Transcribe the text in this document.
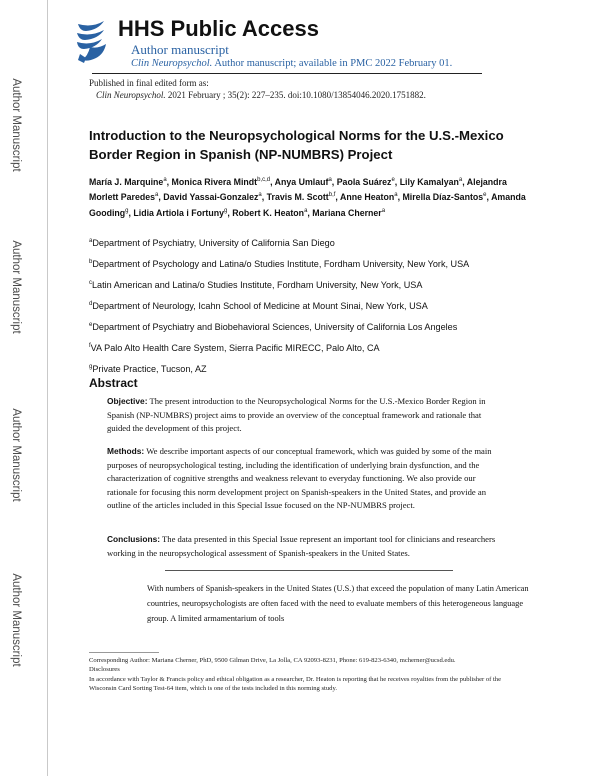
Author Manuscript
Author Manuscript
Author Manuscript
Author Manuscript
HHS Public Access
Author manuscript
Clin Neuropsychol. Author manuscript; available in PMC 2022 February 01.
Published in final edited form as:
Clin Neuropsychol. 2021 February ; 35(2): 227–235. doi:10.1080/13854046.2020.1751882.
Introduction to the Neuropsychological Norms for the U.S.-Mexico Border Region in Spanish (NP-NUMBRS) Project
María J. Marquine$^a$, Monica Rivera Mindt$^{b,c,d}$, Anya Umlauf$^a$, Paola Suárez$^e$, Lily Kamalyan$^a$, Alejandra Morlett Paredes$^a$, David Yassai-Gonzalez$^a$, Travis M. Scott$^{b,f}$, Anne Heaton$^a$, Mirella Díaz-Santos$^e$, Amanda Gooding$^g$, Lidia Artiola i Fortuny$^g$, Robert K. Heaton$^a$, Mariana Cherner$^a$
$^a$Department of Psychiatry, University of California San Diego
$^b$Department of Psychology and Latina/o Studies Institute, Fordham University, New York, USA
$^c$Latin American and Latina/o Studies Institute, Fordham University, New York, USA
$^d$Department of Neurology, Icahn School of Medicine at Mount Sinai, New York, USA
$^e$Department of Psychiatry and Biobehavioral Sciences, University of California Los Angeles
$^f$VA Palo Alto Health Care System, Sierra Pacific MIRECC, Palo Alto, CA
$^g$Private Practice, Tucson, AZ
Abstract

Objective: The present introduction to the Neuropsychological Norms for the U.S.-Mexico Border Region in Spanish (NP-NUMBRS) project aims to provide an overview of the conceptual framework and rationale that guided the development of this project.

Methods: We describe important aspects of our conceptual framework, which was guided by some of the main purposes of neuropsychological testing, including the identification of underlying brain dysfunction, and the characterization of cognitive strengths and weakness relevant to everyday functioning. We also provide our rationale for focusing this norm development project on Spanish-speakers in the United States, and provide an outline of the articles included in this Special Issue focused on the NP-NUMBRS project.

Conclusions: The data presented in this Special Issue represent an important tool for clinicians and researchers working in the neuropsychological assessment of Spanish-speakers in the United States.

With numbers of Spanish-speakers in the United States (U.S.) that exceed the population of many Latin American countries, neuropsychologists are often faced with the need to evaluate members of this heterogeneous language group. A limited armamentarium of tools

Corresponding Author: Mariana Cherner, PhD, 9500 Gilman Drive, La Jolla, CA 92093-8231, Phone: 619-823-6340, mcherner@ucsd.edu.
Disclosures
In accordance with Taylor & Francis policy and ethical obligation as a researcher, Dr. Heaton is reporting that he receives royalties from the publisher of the Wisconsin Card Sorting Test-64 item, which is one of the tests included in this norming study.
